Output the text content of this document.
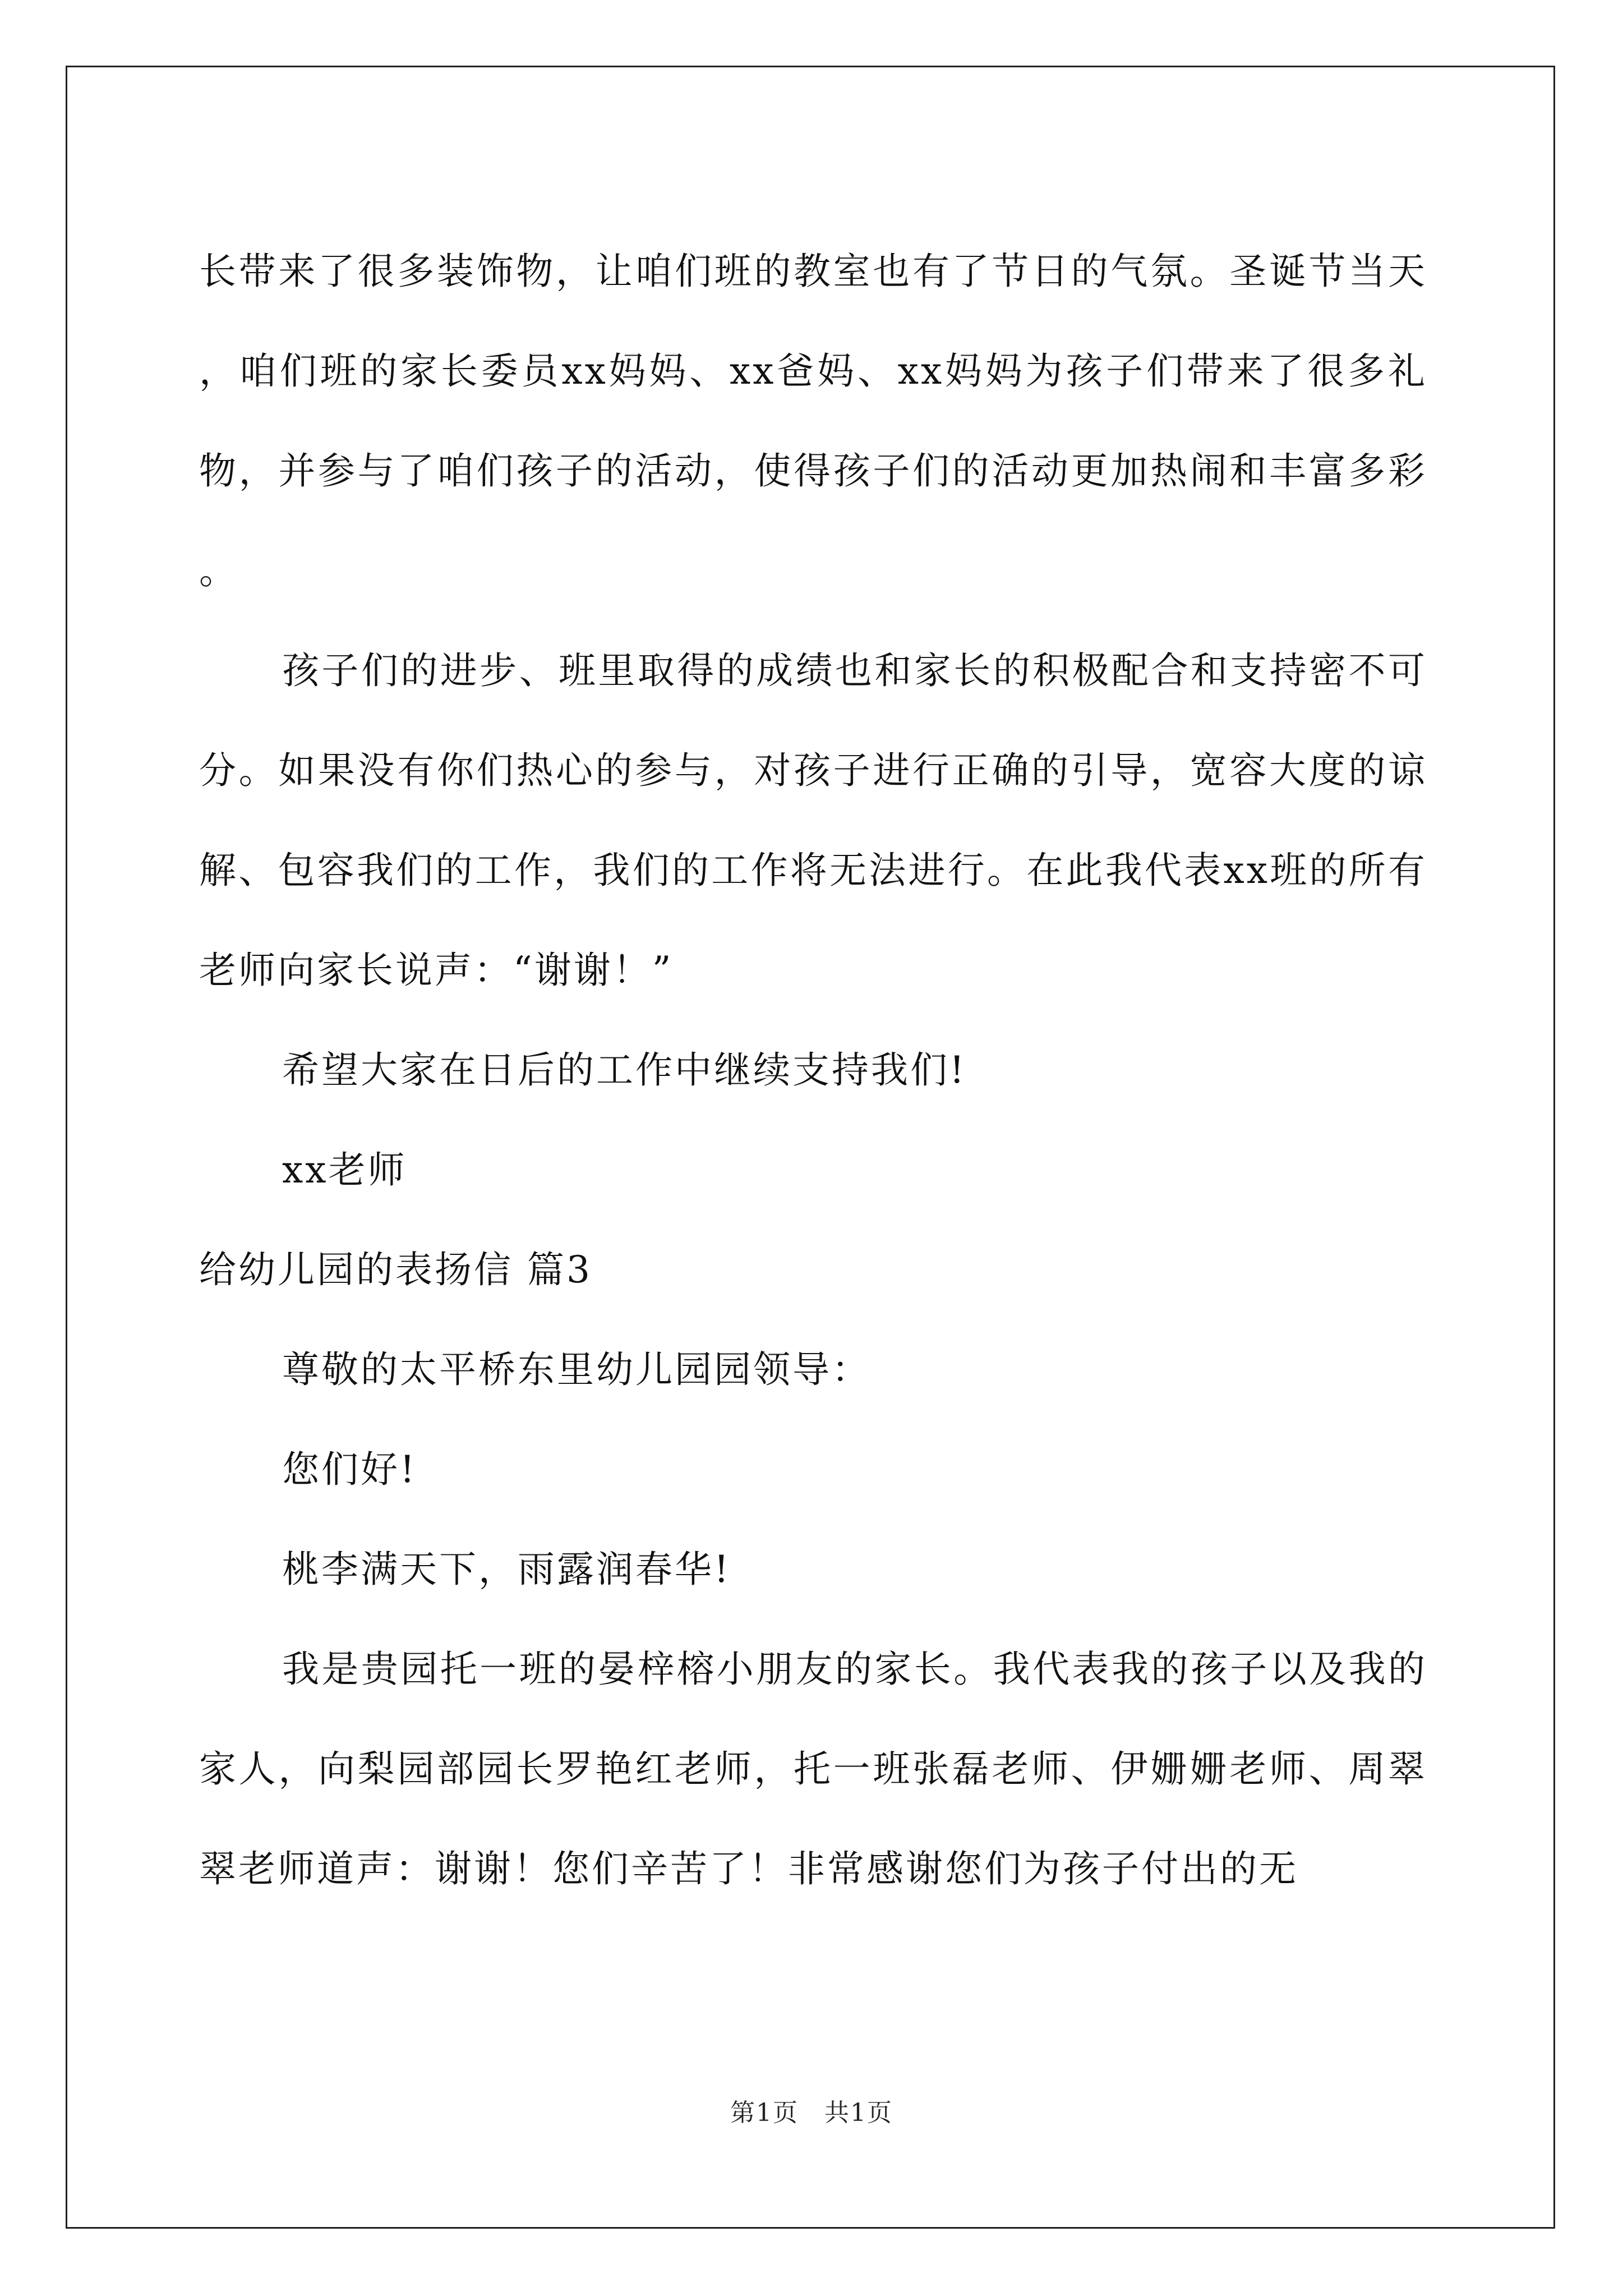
长带来了很多装饰物，让咱们班的教室也有了节日的气氛。圣诞节当天，咱们班的家长委员xx妈妈、xx爸妈、xx妈妈为孩子们带来了很多礼物，并参与了咱们孩子的活动，使得孩子们的活动更加热闹和丰富多彩。

孩子们的进步、班里取得的成绩也和家长的积极配合和支持密不可分。如果没有你们热心的参与，对孩子进行正确的引导，宽容大度的谅解、包容我们的工作，我们的工作将无法进行。在此我代表xx班的所有老师向家长说声：“谢谢！”

希望大家在日后的工作中继续支持我们!

xx老师

给幼儿园的表扬信 篇3

尊敬的太平桥东里幼儿园园领导：

您们好!

桃李满天下，雨露润春华!

我是贵园托一班的晏梓榕小朋友的家长。我代表我的孩子以及我的家人，向梨园部园长罗艳红老师，托一班张磊老师、伊姗姗老师、周翠翠老师道声：谢谢！您们辛苦了！非常感谢您们为孩子付出的无

第1页　共1页
